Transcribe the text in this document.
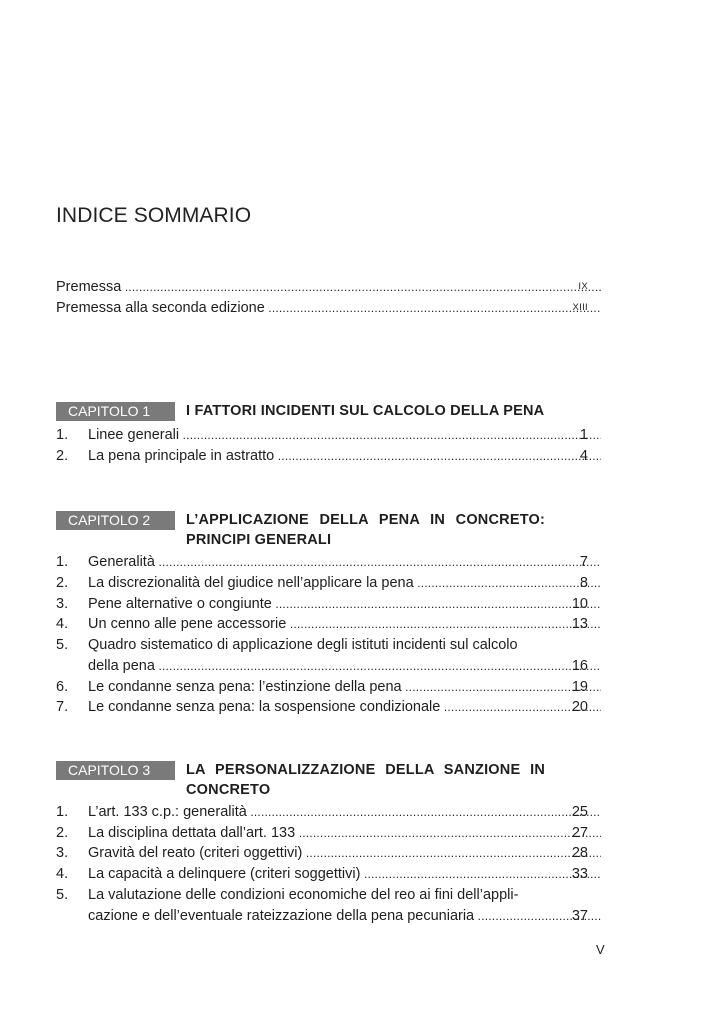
INDICE SOMMARIO
Premessa .....	IX
Premessa alla seconda edizione .....	XIII
CAPITOLO 1	I FATTORI INCIDENTI SUL CALCOLO DELLA PENA
1.	Linee generali .....	1
2.	La pena principale in astratto .....	4
CAPITOLO 2	L’APPLICAZIONE DELLA PENA IN CONCRETO: PRINCIPI GENERALI
1.	Generalità .....	7
2.	La discrezionalità del giudice nell’applicare la pena .....	8
3.	Pene alternative o congiunte .....	10
4.	Un cenno alle pene accessorie .....	13
5.	Quadro sistematico di applicazione degli istituti incidenti sul calcolo
della pena .....	16
6.	Le condanne senza pena: l’estinzione della pena .....	19
7.	Le condanne senza pena: la sospensione condizionale .....	20
CAPITOLO 3	LA PERSONALIZZAZIONE DELLA SANZIONE IN CONCRETO
1.	L’art. 133 c.p.: generalità .....	25
2.	La disciplina dettata dall’art. 133 .....	27
3.	Gravità del reato (criteri oggettivi) .....	28
4.	La capacità a delinquere (criteri soggettivi) .....	33
5.	La valutazione delle condizioni economiche del reo ai fini dell’appli-
cazione e dell’eventuale rateizzazione della pena pecuniaria .....	37
V
